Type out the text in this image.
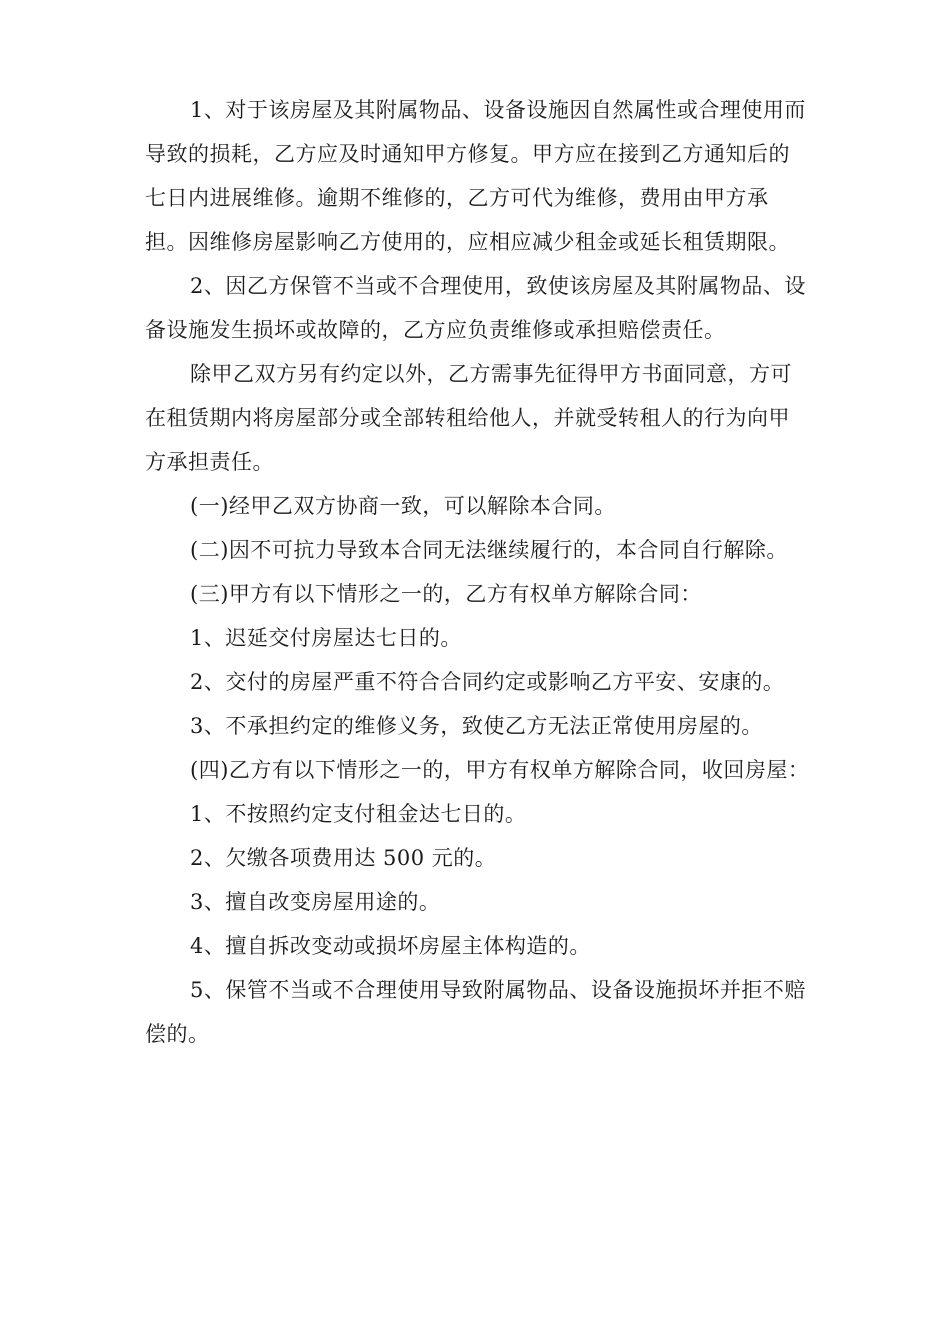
1、对于该房屋及其附属物品、设备设施因自然属性或合理使用而导致的损耗，乙方应及时通知甲方修复。甲方应在接到乙方通知后的七日内进展维修。逾期不维修的，乙方可代为维修，费用由甲方承担。因维修房屋影响乙方使用的，应相应减少租金或延长租赁期限。

2、因乙方保管不当或不合理使用，致使该房屋及其附属物品、设备设施发生损坏或故障的，乙方应负责维修或承担赔偿责任。

除甲乙双方另有约定以外，乙方需事先征得甲方书面同意，方可在租赁期内将房屋部分或全部转租给他人，并就受转租人的行为向甲方承担责任。

(一)经甲乙双方协商一致，可以解除本合同。

(二)因不可抗力导致本合同无法继续履行的，本合同自行解除。

(三)甲方有以下情形之一的，乙方有权单方解除合同：

1、迟延交付房屋达七日的。

2、交付的房屋严重不符合合同约定或影响乙方平安、安康的。

3、不承担约定的维修义务，致使乙方无法正常使用房屋的。

(四)乙方有以下情形之一的，甲方有权单方解除合同，收回房屋：

1、不按照约定支付租金达七日的。

2、欠缴各项费用达 500 元的。

3、擅自改变房屋用途的。

4、擅自拆改变动或损坏房屋主体构造的。

5、保管不当或不合理使用导致附属物品、设备设施损坏并拒不赔偿的。
